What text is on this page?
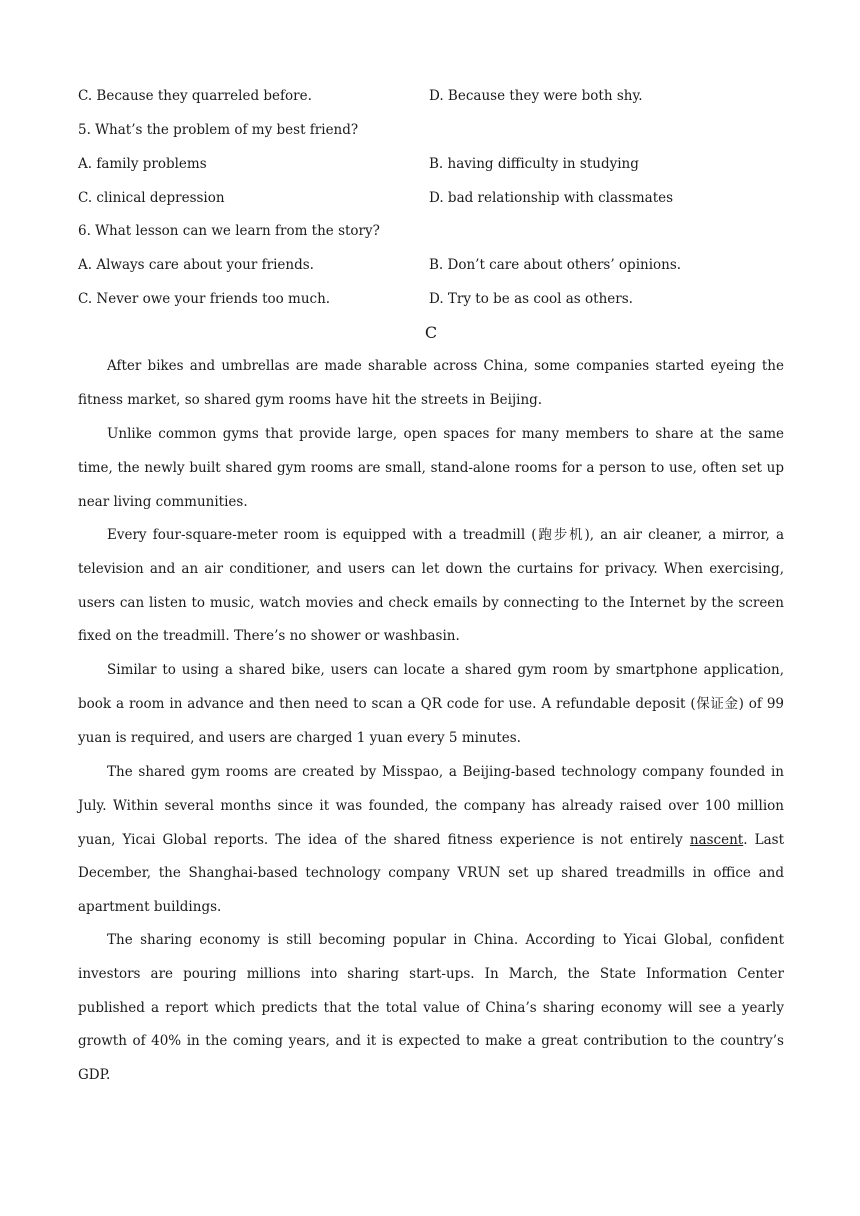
C. Because they quarreled before.	D. Because they were both shy.
5. What’s the problem of my best friend?
A. family problems	B. having difficulty in studying
C. clinical depression	D. bad relationship with classmates
6. What lesson can we learn from the story?
A. Always care about your friends.	B. Don’t care about others’ opinions.
C. Never owe your friends too much.	D. Try to be as cool as others.
C

After bikes and umbrellas are made sharable across China, some companies started eyeing the fitness market, so shared gym rooms have hit the streets in Beijing.

Unlike common gyms that provide large, open spaces for many members to share at the same time, the newly built shared gym rooms are small, stand-alone rooms for a person to use, often set up near living communities.

Every four-square-meter room is equipped with a treadmill (跑步机), an air cleaner, a mirror, a television and an air conditioner, and users can let down the curtains for privacy. When exercising, users can listen to music, watch movies and check emails by connecting to the Internet by the screen fixed on the treadmill. There’s no shower or washbasin.

Similar to using a shared bike, users can locate a shared gym room by smartphone application, book a room in advance and then need to scan a QR code for use. A refundable deposit (保证金) of 99 yuan is required, and users are charged 1 yuan every 5 minutes.

The shared gym rooms are created by Misspao, a Beijing-based technology company founded in July. Within several months since it was founded, the company has already raised over 100 million yuan, Yicai Global reports. The idea of the shared fitness experience is not entirely nascent. Last December, the Shanghai-based technology company VRUN set up shared treadmills in office and apartment buildings.

The sharing economy is still becoming popular in China. According to Yicai Global, confident investors are pouring millions into sharing start-ups. In March, the State Information Center published a report which predicts that the total value of China’s sharing economy will see a yearly growth of 40% in the coming years, and it is expected to make a great contribution to the country’s GDP.
